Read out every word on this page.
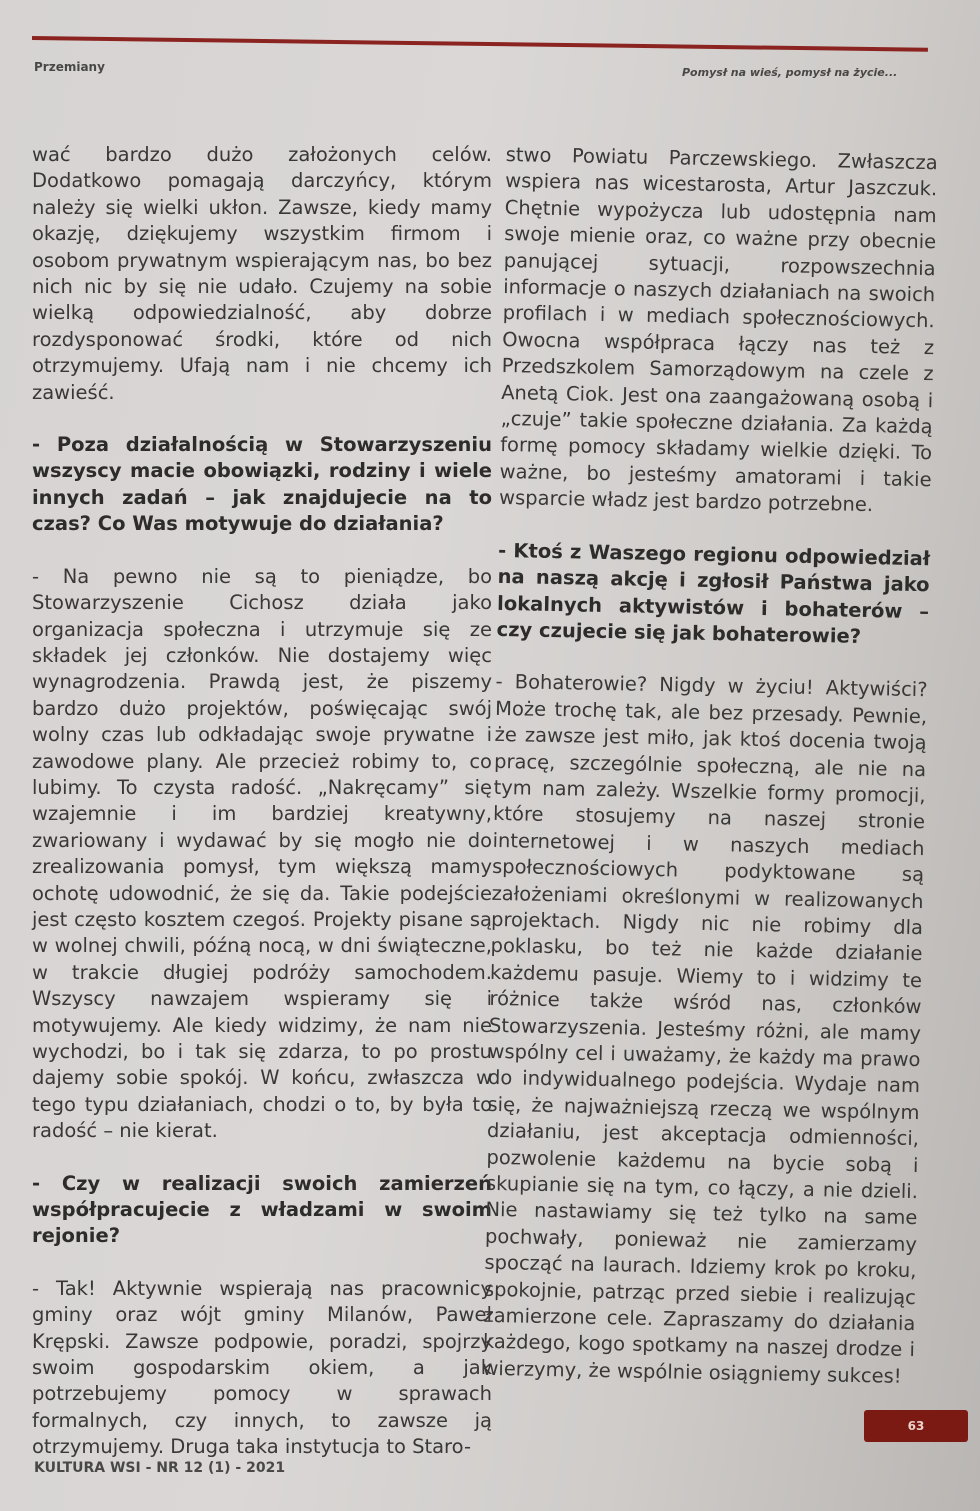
Przemiany	Pomysł na wieś, pomysł na życie...

wać bardzo dużo założonych celów. Dodatkowo pomagają darczyńcy, którym należy się wielki ukłon. Zawsze, kiedy mamy okazję, dziękujemy wszystkim firmom i osobom prywatnym wspierającym nas, bo bez nich nic by się nie udało. Czujemy na sobie wielką odpowiedzialność, aby dobrze rozdysponować środki, które od nich otrzymujemy. Ufają nam i nie chcemy ich zawieść.

- Poza działalnością w Stowarzyszeniu wszyscy macie obowiązki, rodziny i wiele innych zadań – jak znajdujecie na to czas? Co Was motywuje do działania?

- Na pewno nie są to pieniądze, bo Stowarzyszenie Cichosz działa jako organizacja społeczna i utrzymuje się ze składek jej członków. Nie dostajemy więc wynagrodzenia. Prawdą jest, że piszemy bardzo dużo projektów, poświęcając swój wolny czas lub odkładając swoje prywatne i zawodowe plany. Ale przecież robimy to, co lubimy. To czysta radość. „Nakręcamy” się wzajemnie i im bardziej kreatywny, zwariowany i wydawać by się mogło nie do zrealizowania pomysł, tym większą mamy ochotę udowodnić, że się da. Takie podejście jest często kosztem czegoś. Projekty pisane są w wolnej chwili, późną nocą, w dni świąteczne, w trakcie długiej podróży samochodem. Wszyscy nawzajem wspieramy się i motywujemy. Ale kiedy widzimy, że nam nie wychodzi, bo i tak się zdarza, to po prostu dajemy sobie spokój. W końcu, zwłaszcza w tego typu działaniach, chodzi o to, by była to radość – nie kierat.

- Czy w realizacji swoich zamierzeń współpracujecie z władzami w swoim rejonie?

- Tak! Aktywnie wspierają nas pracownicy gminy oraz wójt gminy Milanów, Paweł Krępski. Zawsze podpowie, poradzi, spojrzy swoim gospodarskim okiem, a jak potrzebujemy pomocy w sprawach formalnych, czy innych, to zawsze ją otrzymujemy. Druga taka instytucja to Staro-

stwo Powiatu Parczewskiego. Zwłaszcza wspiera nas wicestarosta, Artur Jaszczuk. Chętnie wypożycza lub udostępnia nam swoje mienie oraz, co ważne przy obecnie panującej sytuacji, rozpowszechnia informacje o naszych działaniach na swoich profilach i w mediach społecznościowych. Owocna współpraca łączy nas też z Przedszkolem Samorządowym na czele z Anetą Ciok. Jest ona zaangażowaną osobą i „czuje” takie społeczne działania. Za każdą formę pomocy składamy wielkie dzięki. To ważne, bo jesteśmy amatorami i takie wsparcie władz jest bardzo potrzebne.

- Ktoś z Waszego regionu odpowiedział na naszą akcję i zgłosił Państwa jako lokalnych aktywistów i bohaterów – czy czujecie się jak bohaterowie?

- Bohaterowie? Nigdy w życiu! Aktywiści? Może trochę tak, ale bez przesady. Pewnie, że zawsze jest miło, jak ktoś docenia twoją pracę, szczególnie społeczną, ale nie na tym nam zależy. Wszelkie formy promocji, które stosujemy na naszej stronie internetowej i w naszych mediach społecznościowych podyktowane są założeniami określonymi w realizowanych projektach. Nigdy nic nie robimy dla poklasku, bo też nie każde działanie każdemu pasuje. Wiemy to i widzimy te różnice także wśród nas, członków Stowarzyszenia. Jesteśmy różni, ale mamy wspólny cel i uważamy, że każdy ma prawo do indywidualnego podejścia. Wydaje nam się, że najważniejszą rzeczą we wspólnym działaniu, jest akceptacja odmienności, pozwolenie każdemu na bycie sobą i skupianie się na tym, co łączy, a nie dzieli. Nie nastawiamy się też tylko na same pochwały, ponieważ nie zamierzamy spocząć na laurach. Idziemy krok po kroku, spokojnie, patrząc przed siebie i realizując zamierzone cele. Zapraszamy do działania każdego, kogo spotkamy na naszej drodze i wierzymy, że wspólnie osiągniemy sukces!

63
KULTURA WSI - NR 12 (1) - 2021
